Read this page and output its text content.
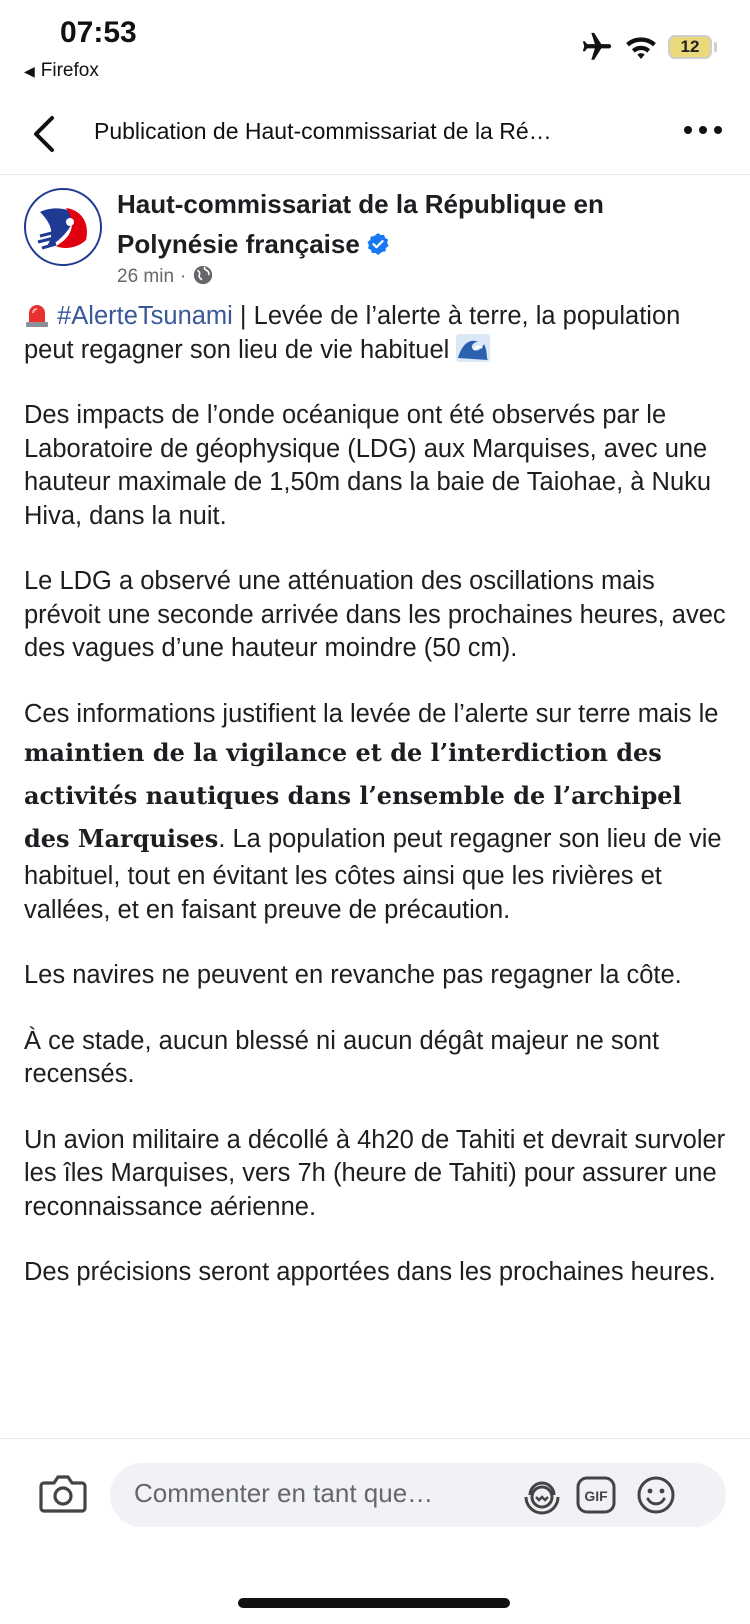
07:53
◀ Firefox
12
Publication de Haut-commissariat de la Ré…
Haut-commissariat de la République en Polynésie française
26 min ·

#AlerteTsunami | Levée de l’alerte à terre, la population peut regagner son lieu de vie habituel

Des impacts de l’onde océanique ont été observés par le Laboratoire de géophysique (LDG) aux Marquises, avec une hauteur maximale de 1,50m dans la baie de Taiohae, à Nuku Hiva, dans la nuit.

Le LDG a observé une atténuation des oscillations mais prévoit une seconde arrivée dans les prochaines heures, avec des vagues d’une hauteur moindre (50 cm).

Ces informations justifient la levée de l’alerte sur terre mais le maintien de la vigilance et de l’interdiction des activités nautiques dans l’ensemble de l’archipel des Marquises. La population peut regagner son lieu de vie habituel, tout en évitant les côtes ainsi que les rivières et vallées, et en faisant preuve de précaution.

Les navires ne peuvent en revanche pas regagner la côte.

À ce stade, aucun blessé ni aucun dégât majeur ne sont recensés.

Un avion militaire a décollé à 4h20 de Tahiti et devrait survoler les îles Marquises, vers 7h (heure de Tahiti) pour assurer une reconnaissance aérienne.

Des précisions seront apportées dans les prochaines heures.

Commenter en tant que…
GIF
